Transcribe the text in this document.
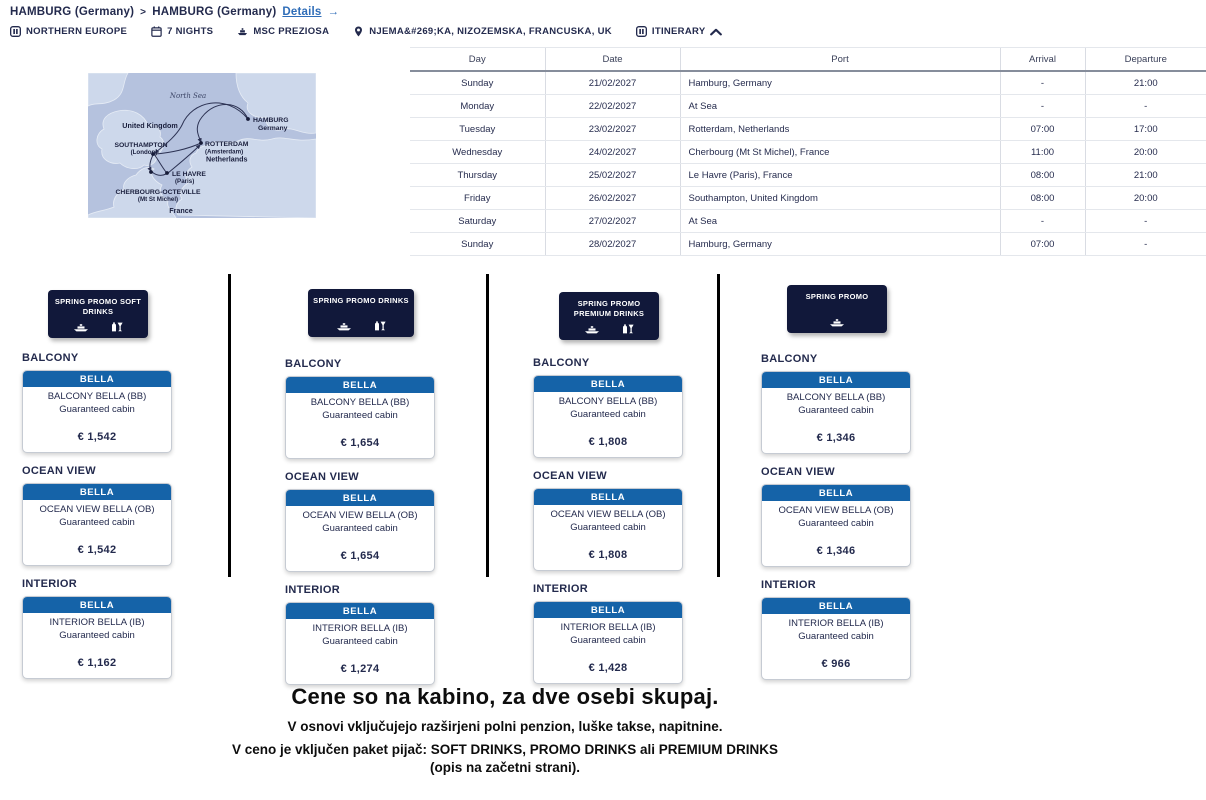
HAMBURG (Germany) > HAMBURG (Germany) Details →
NORTHERN EUROPE	7 NIGHTS	MSC PREZIOSA	NJEMA&#269;KA, NIZOZEMSKA, FRANCUSKA, UK	ITINERARY
North Sea
United Kingdom
HAMBURG
Germany
SOUTHAMPTON
(London)
ROTTERDAM
(Amsterdam)
Netherlands
LE HAVRE
(Paris)
CHERBOURG-OCTEVILLE
(Mt St Michel)
France
Day	Date	Port	Arrival	Departure
Sunday	21/02/2027	Hamburg, Germany	-	21:00
Monday	22/02/2027	At Sea	-	-
Tuesday	23/02/2027	Rotterdam, Netherlands	07:00	17:00
Wednesday	24/02/2027	Cherbourg (Mt St Michel), France	11:00	20:00
Thursday	25/02/2027	Le Havre (Paris), France	08:00	21:00
Friday	26/02/2027	Southampton, United Kingdom	08:00	20:00
Saturday	27/02/2027	At Sea	-	-
Sunday	28/02/2027	Hamburg, Germany	07:00	-
SPRING PROMO SOFT DRINKS
BALCONY
BELLA
BALCONY BELLA (BB)
Guaranteed cabin
€ 1,542
OCEAN VIEW
BELLA
OCEAN VIEW BELLA (OB)
Guaranteed cabin
€ 1,542
INTERIOR
BELLA
INTERIOR BELLA (IB)
Guaranteed cabin
€ 1,162
SPRING PROMO DRINKS
BALCONY
BELLA
BALCONY BELLA (BB)
Guaranteed cabin
€ 1,654
OCEAN VIEW
BELLA
OCEAN VIEW BELLA (OB)
Guaranteed cabin
€ 1,654
INTERIOR
BELLA
INTERIOR BELLA (IB)
Guaranteed cabin
€ 1,274
SPRING PROMO PREMIUM DRINKS
BALCONY
BELLA
BALCONY BELLA (BB)
Guaranteed cabin
€ 1,808
OCEAN VIEW
BELLA
OCEAN VIEW BELLA (OB)
Guaranteed cabin
€ 1,808
INTERIOR
BELLA
INTERIOR BELLA (IB)
Guaranteed cabin
€ 1,428
SPRING PROMO
BALCONY
BELLA
BALCONY BELLA (BB)
Guaranteed cabin
€ 1,346
OCEAN VIEW
BELLA
OCEAN VIEW BELLA (OB)
Guaranteed cabin
€ 1,346
INTERIOR
BELLA
INTERIOR BELLA (IB)
Guaranteed cabin
€ 966
Cene so na kabino, za dve osebi skupaj.
V osnovi vključujejo razširjeni polni penzion, luške takse, napitnine.
V ceno je vključen paket pijač: SOFT DRINKS, PROMO DRINKS ali PREMIUM DRINKS (opis na začetni strani).
